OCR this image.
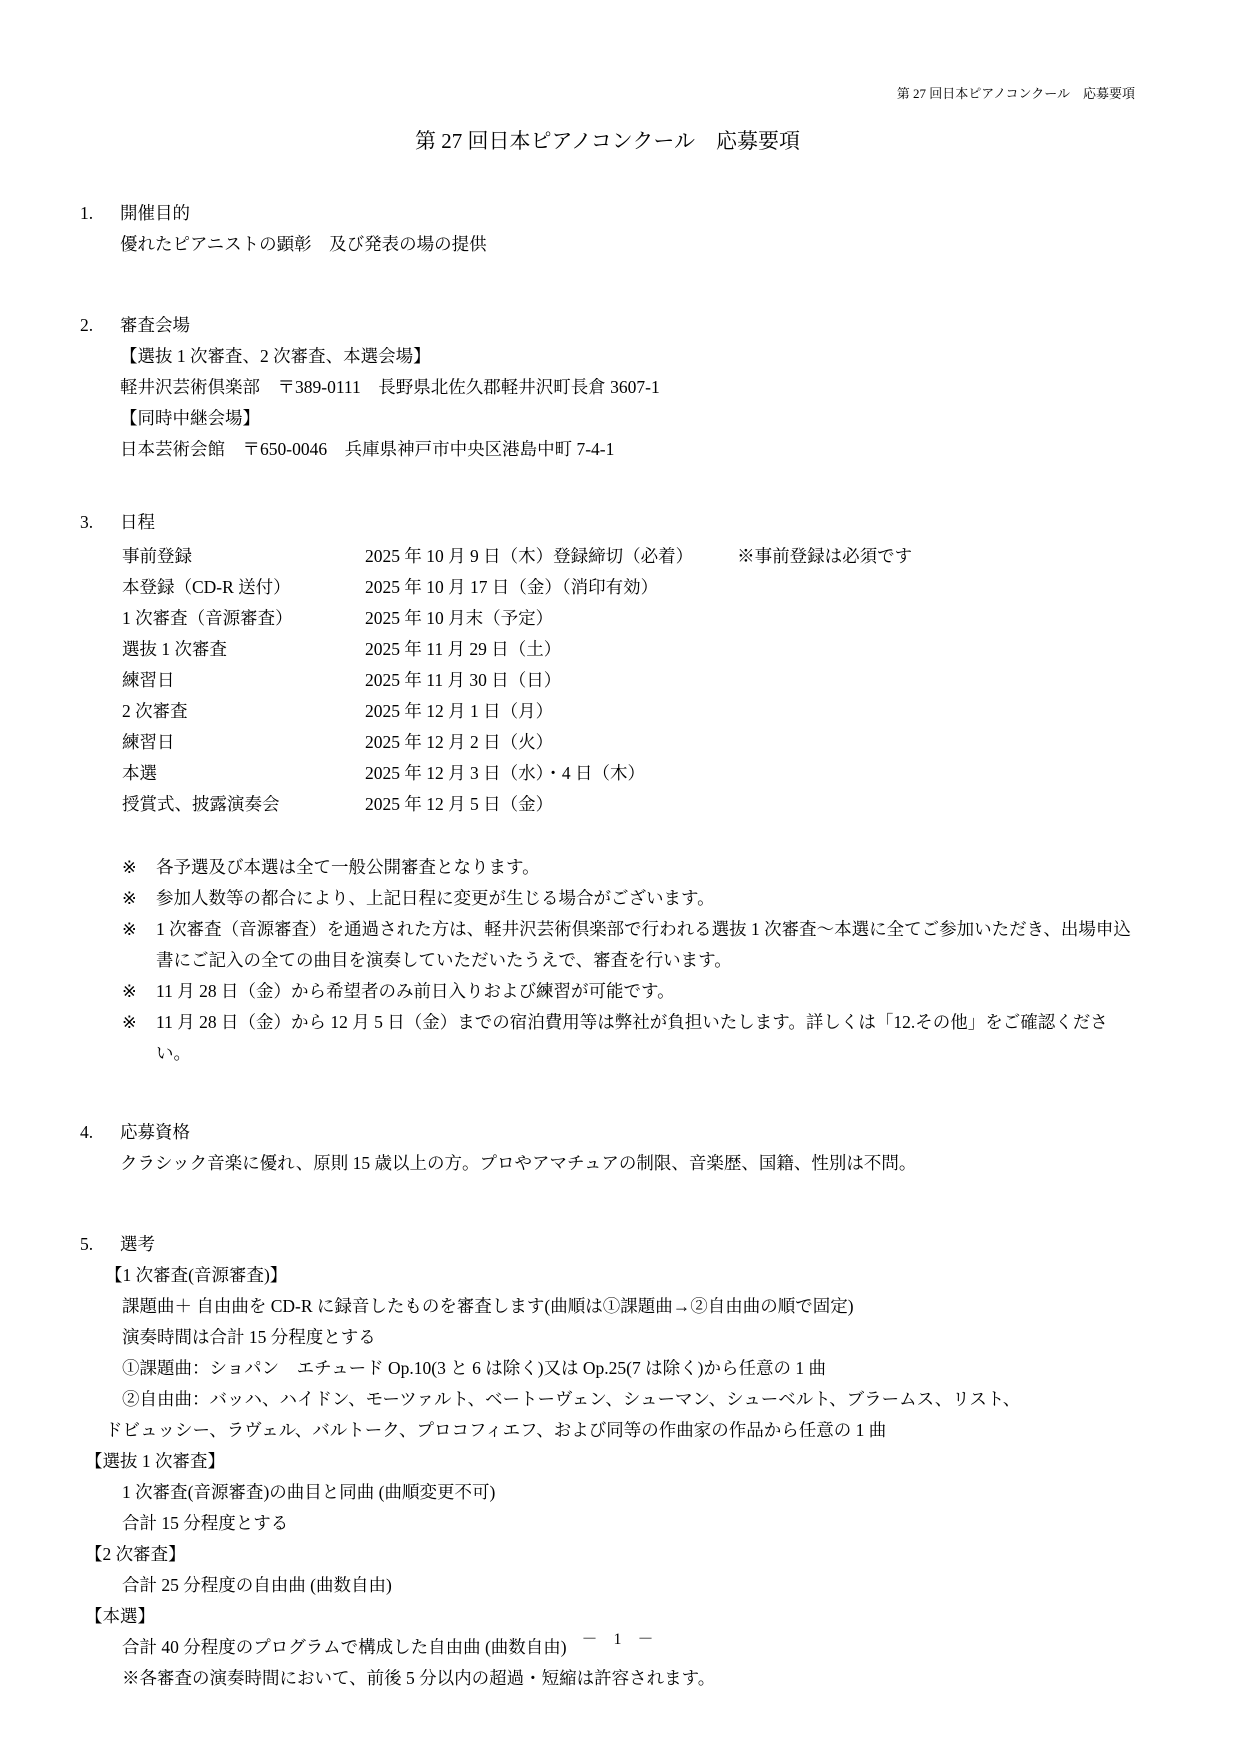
第 27 回日本ピアノコンクール　応募要項
第 27 回日本ピアノコンクール　応募要項
1.	開催目的
優れたピアニストの顕彰　及び発表の場の提供
2.	審査会場
【選抜 1 次審査、2 次審査、本選会場】
軽井沢芸術倶楽部　〒389-0111　長野県北佐久郡軽井沢町長倉 3607-1
【同時中継会場】
日本芸術会館　〒650-0046　兵庫県神戸市中央区港島中町 7-4-1
3.	日程
事前登録	2025 年 10 月 9 日（木）登録締切（必着）	※事前登録は必須です
本登録（CD-R 送付）	2025 年 10 月 17 日（金）（消印有効）
1 次審査（音源審査）	2025 年 10 月末（予定）
選抜 1 次審査	2025 年 11 月 29 日（土）
練習日	2025 年 11 月 30 日（日）
2 次審査	2025 年 12 月 1 日（月）
練習日	2025 年 12 月 2 日（火）
本選	2025 年 12 月 3 日（水）・4 日（木）
授賞式、披露演奏会	2025 年 12 月 5 日（金）
※	各予選及び本選は全て一般公開審査となります。
※	参加人数等の都合により、上記日程に変更が生じる場合がございます。
※	1 次審査（音源審査）を通過された方は、軽井沢芸術倶楽部で行われる選抜 1 次審査～本選に全てご参加いただき、出場申込書にご記入の全ての曲目を演奏していただいたうえで、審査を行います。
※	11 月 28 日（金）から希望者のみ前日入りおよび練習が可能です。
※	11 月 28 日（金）から 12 月 5 日（金）までの宿泊費用等は弊社が負担いたします。詳しくは「12.その他」をご確認ください。
4.	応募資格
クラシック音楽に優れ、原則 15 歳以上の方。プロやアマチュアの制限、音楽歴、国籍、性別は不問。
5.	選考
【1 次審査(音源審査)】
課題曲＋ 自由曲を CD-R に録音したものを審査します(曲順は①課題曲→②自由曲の順で固定)
演奏時間は合計 15 分程度とする
①課題曲：ショパン　エチュード Op.10(3 と 6 は除く)又は Op.25(7 は除く)から任意の 1 曲
②自由曲：バッハ、ハイドン、モーツァルト、ベートーヴェン、シューマン、シューベルト、ブラームス、リスト、
ドビュッシー、ラヴェル、バルトーク、プロコフィエフ、および同等の作曲家の作品から任意の 1 曲
【選抜 1 次審査】
1 次審査(音源審査)の曲目と同曲 (曲順変更不可)
合計 15 分程度とする
【2 次審査】
合計 25 分程度の自由曲 (曲数自由)
【本選】
合計 40 分程度のプログラムで構成した自由曲 (曲数自由)
※各審査の演奏時間において、前後 5 分以内の超過・短縮は許容されます。
－ 1 －
